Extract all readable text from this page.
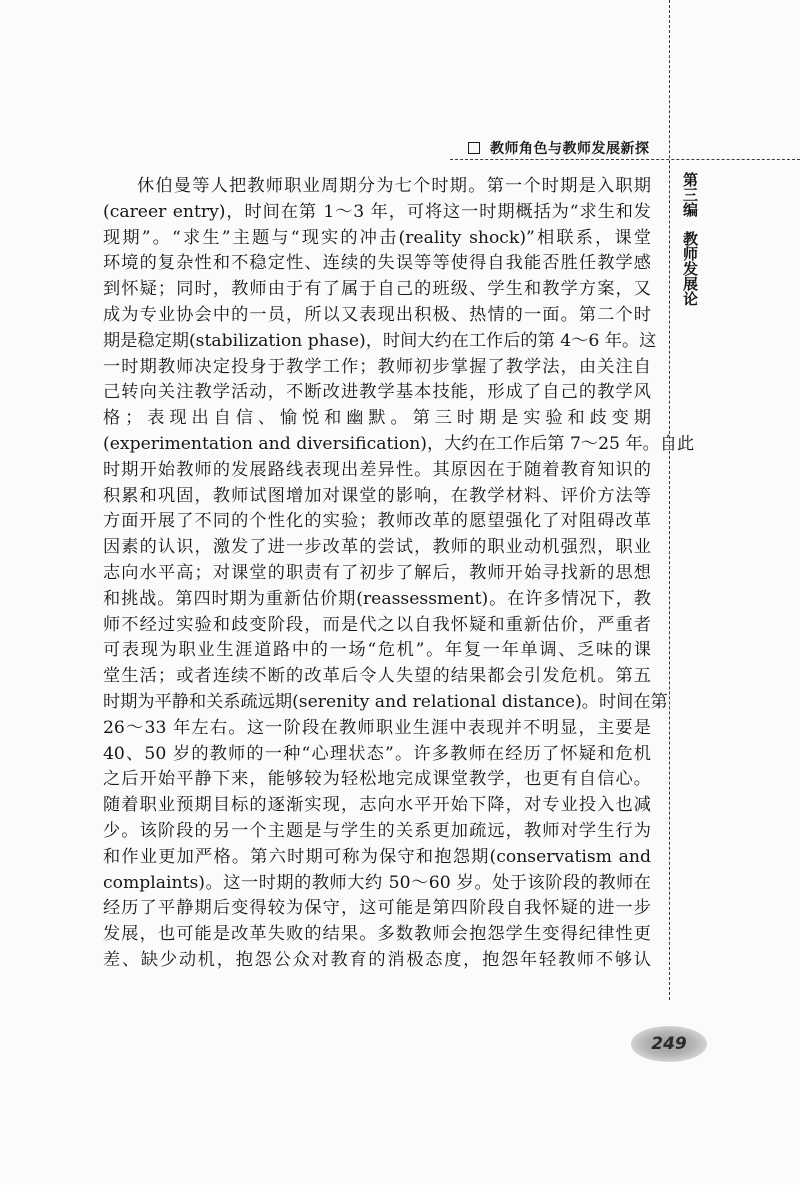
教师角色与教师发展新探
第三编
教师发展论
休伯曼等人把教师职业周期分为七个时期。第一个时期是入职期
(career entry)，时间在第 1～3 年，可将这一时期概括为“求生和发
现期”。“求生”主题与“现实的冲击(reality shock)”相联系，课堂
环境的复杂性和不稳定性、连续的失误等等使得自我能否胜任教学感
到怀疑；同时，教师由于有了属于自己的班级、学生和教学方案，又
成为专业协会中的一员，所以又表现出积极、热情的一面。第二个时
期是稳定期(stabilization phase)，时间大约在工作后的第 4～6 年。这
一时期教师决定投身于教学工作；教师初步掌握了教学法，由关注自
己转向关注教学活动，不断改进教学基本技能，形成了自己的教学风
格；表现出自信、愉悦和幽默。第三时期是实验和歧变期
(experimentation and diversification)，大约在工作后第 7～25 年。自此
时期开始教师的发展路线表现出差异性。其原因在于随着教育知识的
积累和巩固，教师试图增加对课堂的影响，在教学材料、评价方法等
方面开展了不同的个性化的实验；教师改革的愿望强化了对阻碍改革
因素的认识，激发了进一步改革的尝试，教师的职业动机强烈，职业
志向水平高；对课堂的职责有了初步了解后，教师开始寻找新的思想
和挑战。第四时期为重新估价期(reassessment)。在许多情况下，教
师不经过实验和歧变阶段，而是代之以自我怀疑和重新估价，严重者
可表现为职业生涯道路中的一场“危机”。年复一年单调、乏味的课
堂生活；或者连续不断的改革后令人失望的结果都会引发危机。第五
时期为平静和关系疏远期(serenity and relational distance)。时间在第
26～33 年左右。这一阶段在教师职业生涯中表现并不明显，主要是
40、50 岁的教师的一种“心理状态”。许多教师在经历了怀疑和危机
之后开始平静下来，能够较为轻松地完成课堂教学，也更有自信心。
随着职业预期目标的逐渐实现，志向水平开始下降，对专业投入也减
少。该阶段的另一个主题是与学生的关系更加疏远，教师对学生行为
和作业更加严格。第六时期可称为保守和抱怨期(conservatism and
complaints)。这一时期的教师大约 50～60 岁。处于该阶段的教师在
经历了平静期后变得较为保守，这可能是第四阶段自我怀疑的进一步
发展，也可能是改革失败的结果。多数教师会抱怨学生变得纪律性更
差、缺少动机，抱怨公众对教育的消极态度，抱怨年轻教师不够认
249
